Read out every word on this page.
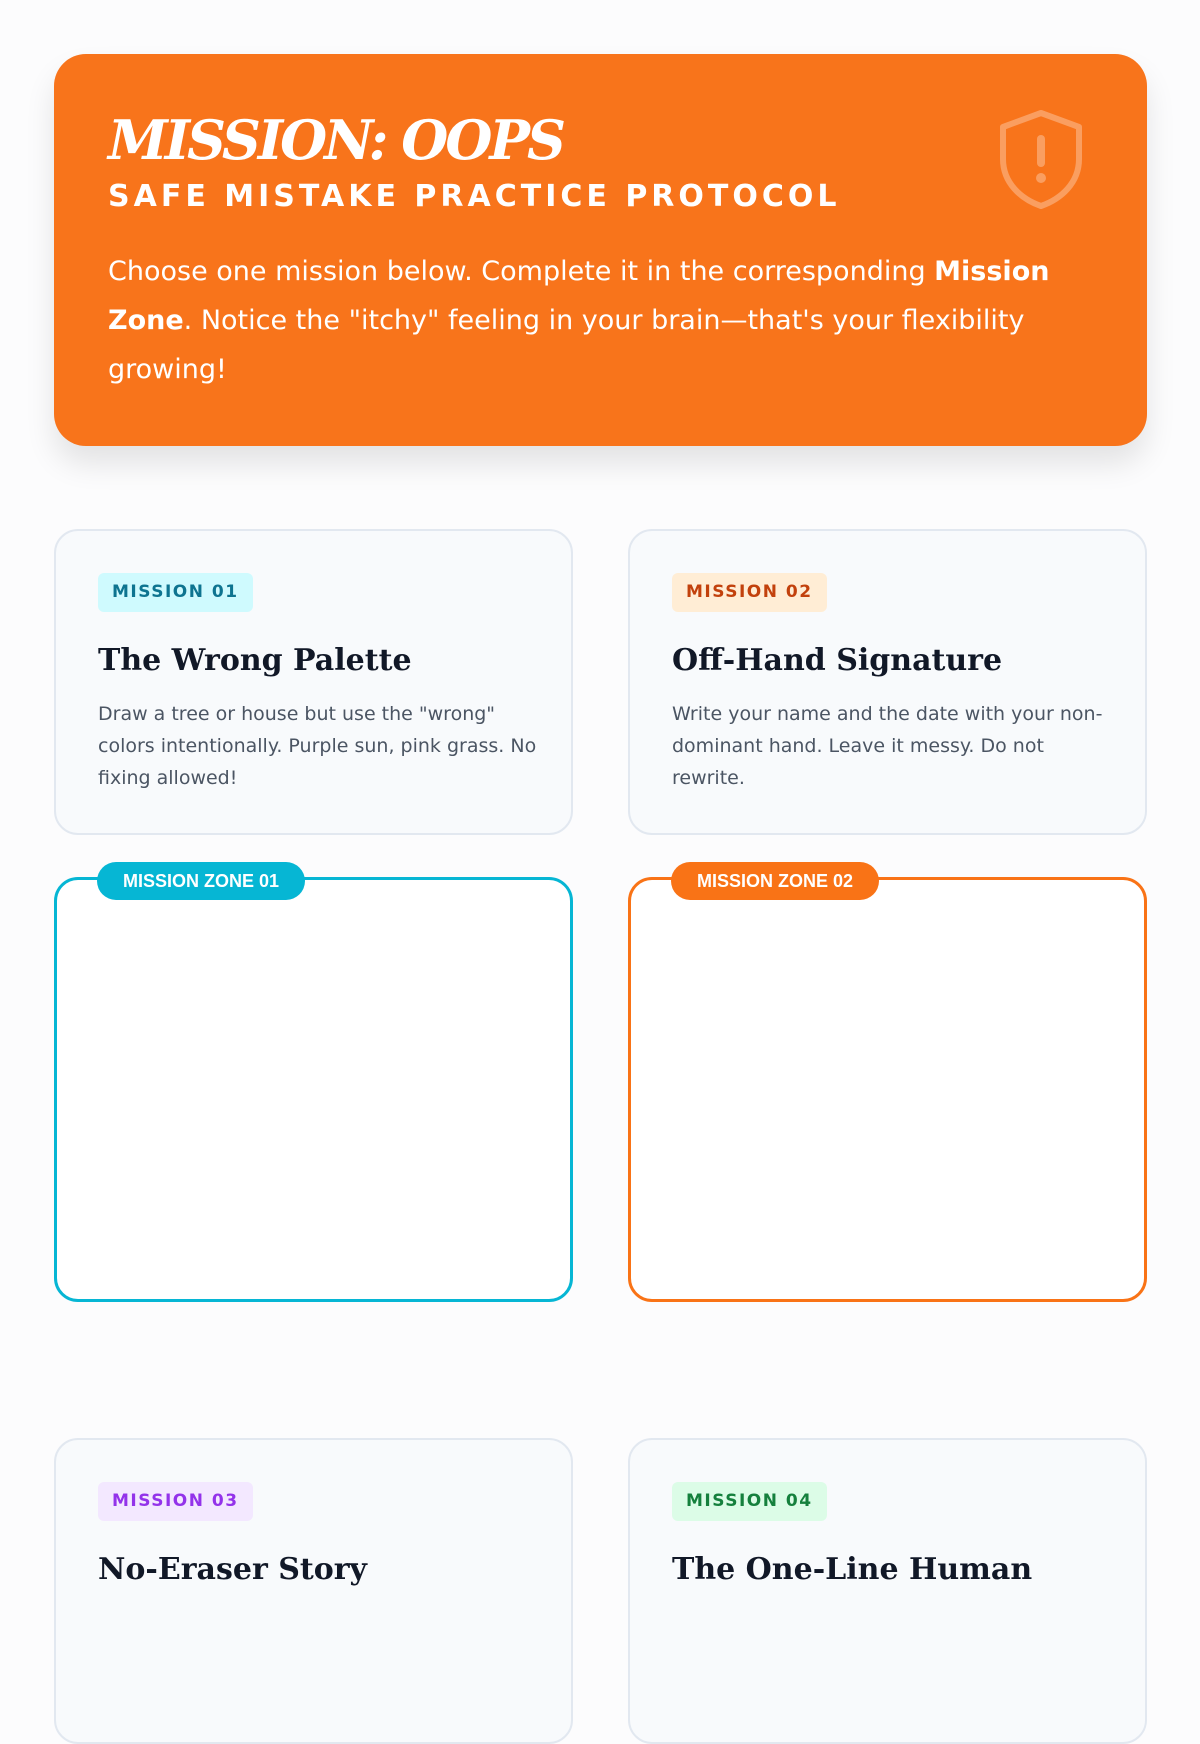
MISSION: OOPS
SAFE MISTAKE PRACTICE PROTOCOL
Choose one mission below. Complete it in the corresponding Mission Zone. Notice the "itchy" feeling in your brain—that's your flexibility growing!
MISSION 01
The Wrong Palette
Draw a tree or house but use the "wrong" colors intentionally. Purple sun, pink grass. No fixing allowed!
MISSION 02
Off-Hand Signature
Write your name and the date with your non-dominant hand. Leave it messy. Do not rewrite.
MISSION ZONE 01	MISSION ZONE 02
MISSION 03
No-Eraser Story
MISSION 04
The One-Line Human
